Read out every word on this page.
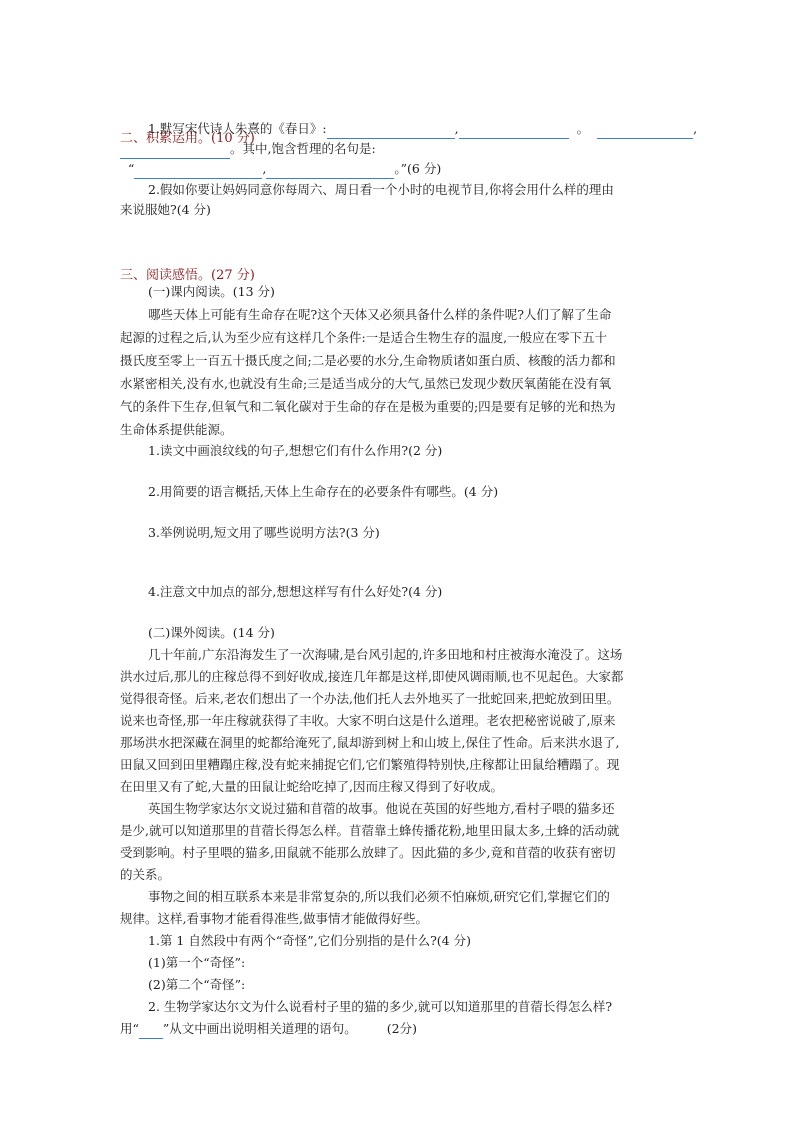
二、积累运用。(10 分)
1.默写宋代诗人朱熹的《春日》:	,	。	,
。其中,饱含哲理的名句是:
“	,	。”(6 分)
2.假如你要让妈妈同意你每周六、周日看一个小时的电视节目,你将会用什么样的理由
来说服她?(4 分)
三、阅读感悟。(27 分)
(一)课内阅读。(13 分)
哪些天体上可能有生命存在呢?这个天体又必须具备什么样的条件呢?人们了解了生命
起源的过程之后,认为至少应有这样几个条件:一是适合生物生存的温度,一般应在零下五十
摄氏度至零上一百五十摄氏度之间;二是必要的水分,生命物质诸如蛋白质、核酸的活力都和
水紧密相关,没有水,也就没有生命;三是适当成分的大气,虽然已发现少数厌氧菌能在没有氧
气的条件下生存,但氧气和二氧化碳对于生命的存在是极为重要的;四是要有足够的光和热为
生命体系提供能源。
1.读文中画浪纹线的句子,想想它们有什么作用?(2 分)
2.用简要的语言概括,天体上生命存在的必要条件有哪些。(4 分)
3.举例说明,短文用了哪些说明方法?(3 分)
4.注意文中加点的部分,想想这样写有什么好处?(4 分)
(二)课外阅读。(14 分)
几十年前,广东沿海发生了一次海啸,是台风引起的,许多田地和村庄被海水淹没了。这场
洪水过后,那儿的庄稼总得不到好收成,接连几年都是这样,即使风调雨顺,也不见起色。大家都
觉得很奇怪。后来,老农们想出了一个办法,他们托人去外地买了一批蛇回来,把蛇放到田里。
说来也奇怪,那一年庄稼就获得了丰收。大家不明白这是什么道理。老农把秘密说破了,原来
那场洪水把深藏在洞里的蛇都给淹死了,鼠却游到树上和山坡上,保住了性命。后来洪水退了,
田鼠又回到田里糟蹋庄稼,没有蛇来捕捉它们,它们繁殖得特别快,庄稼都让田鼠给糟蹋了。现
在田里又有了蛇,大量的田鼠让蛇给吃掉了,因而庄稼又得到了好收成。
英国生物学家达尔文说过猫和苜蓿的故事。他说在英国的好些地方,看村子喂的猫多还
是少,就可以知道那里的苜蓿长得怎么样。苜蓿靠土蜂传播花粉,地里田鼠太多,土蜂的活动就
受到影响。村子里喂的猫多,田鼠就不能那么放肆了。因此猫的多少,竟和苜蓿的收获有密切
的关系。
事物之间的相互联系本来是非常复杂的,所以我们必须不怕麻烦,研究它们,掌握它们的
规律。这样,看事物才能看得准些,做事情才能做得好些。
1.第 1 自然段中有两个“奇怪”,它们分别指的是什么?(4 分)
(1)第一个“奇怪”:
(2)第二个“奇怪”:
2. 生物学家达尔文为什么说看村子里的猫的多少,就可以知道那里的苜蓿长得怎么样?
用“ ”从文中画出说明相关道理的语句。 (2分)
